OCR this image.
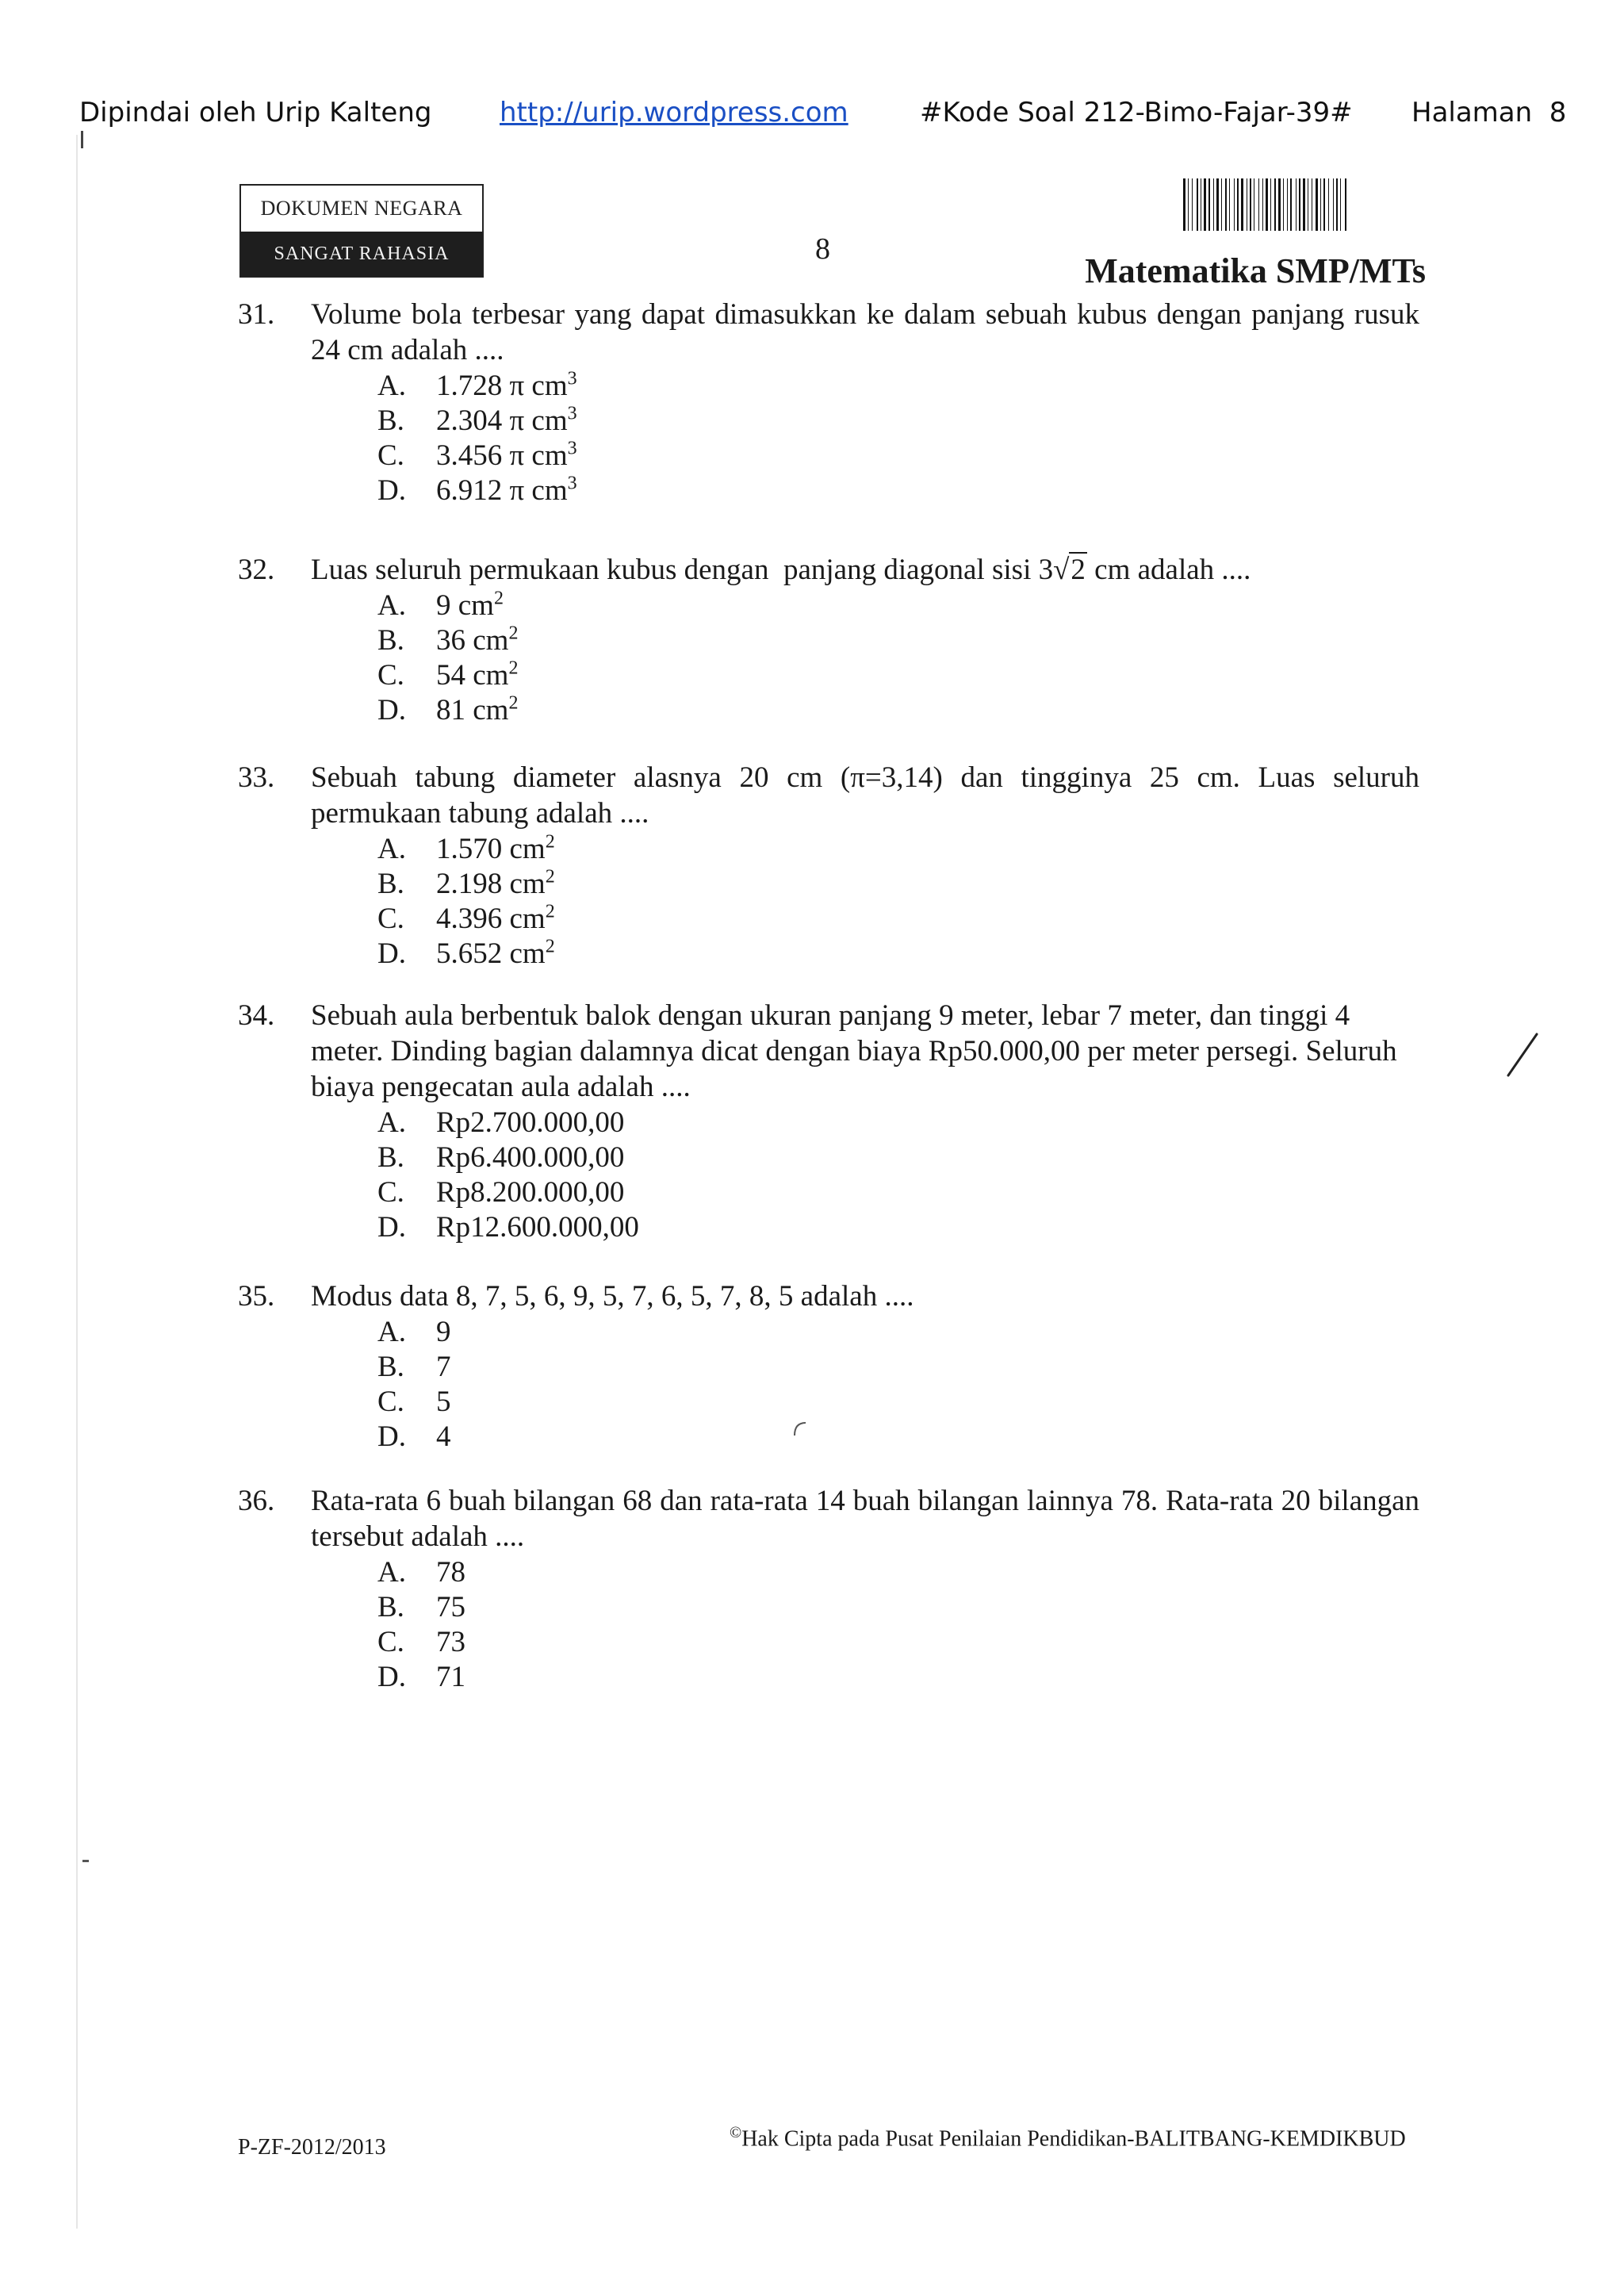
Dipindai oleh Urip Kalteng	http://urip.wordpress.com	#Kode Soal 212-Bimo-Fajar-39# Halaman  8
DOKUMEN NEGARA
SANGAT RAHASIA	8
Matematika SMP/MTs
31. Volume bola terbesar yang dapat dimasukkan ke dalam sebuah kubus dengan panjang rusuk 24 cm adalah ....
A. 1.728 π $cm^3$
B. 2.304 π $cm^3$
C. 3.456 π $cm^3$
D. 6.912 π $cm^3$
32. Luas seluruh permukaan kubus dengan  panjang diagonal sisi 3√2 cm adalah ....
A. 9 $cm^2$
B. 36 $cm^2$
C. 54 $cm^2$
D. 81 $cm^2$
33. Sebuah tabung diameter alasnya 20 cm (π=3,14) dan tingginya 25 cm. Luas seluruh permukaan tabung adalah ....
A. 1.570 $cm^2$
B. 2.198 $cm^2$
C. 4.396 $cm^2$
D. 5.652 $cm^2$
34. Sebuah aula berbentuk balok dengan ukuran panjang 9 meter, lebar 7 meter, dan tinggi 4 meter. Dinding bagian dalamnya dicat dengan biaya Rp50.000,00 per meter persegi. Seluruh biaya pengecatan aula adalah ....
A. Rp2.700.000,00
B. Rp6.400.000,00
C. Rp8.200.000,00
D. Rp12.600.000,00
35. Modus data 8, 7, 5, 6, 9, 5, 7, 6, 5, 7, 8, 5 adalah ....
A. 9
B. 7
C. 5
D. 4
36. Rata-rata 6 buah bilangan 68 dan rata-rata 14 buah bilangan lainnya 78. Rata-rata 20 bilangan tersebut adalah ....
A. 78
B. 75
C. 73
D. 71
P-ZF-2012/2013
©Hak Cipta pada Pusat Penilaian Pendidikan-BALITBANG-KEMDIKBUD
